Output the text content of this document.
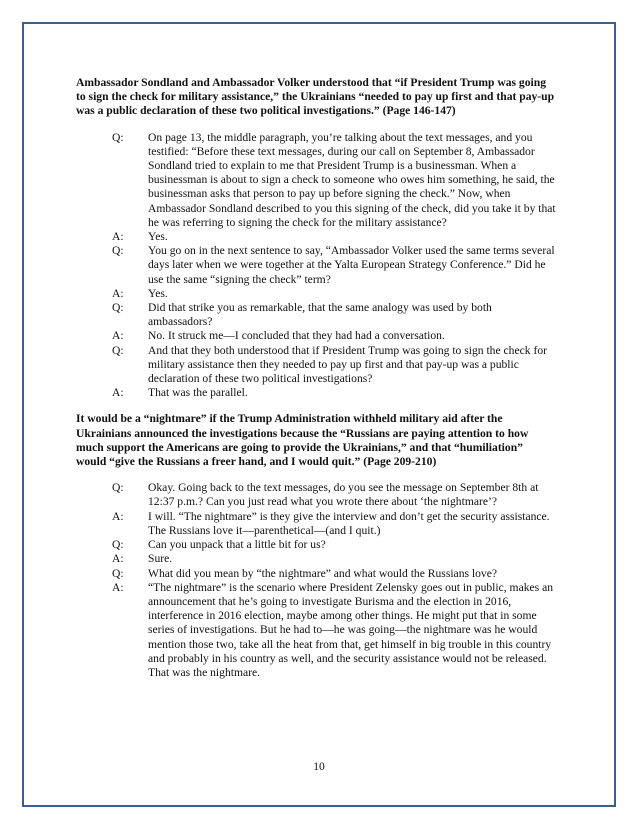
Ambassador Sondland and Ambassador Volker understood that “if President Trump was going to sign the check for military assistance,” the Ukrainians “needed to pay up first and that pay-up was a public declaration of these two political investigations.” (Page 146-147)

Q:	On page 13, the middle paragraph, you’re talking about the text messages, and you testified: “Before these text messages, during our call on September 8, Ambassador Sondland tried to explain to me that President Trump is a businessman. When a businessman is about to sign a check to someone who owes him something, he said, the businessman asks that person to pay up before signing the check.” Now, when Ambassador Sondland described to you this signing of the check, did you take it by that he was referring to signing the check for the military assistance?
A:	Yes.
Q:	You go on in the next sentence to say, “Ambassador Volker used the same terms several days later when we were together at the Yalta European Strategy Conference.” Did he use the same “signing the check” term?
A:	Yes.
Q:	Did that strike you as remarkable, that the same analogy was used by both ambassadors?
A:	No. It struck me—I concluded that they had had a conversation.
Q:	And that they both understood that if President Trump was going to sign the check for military assistance then they needed to pay up first and that pay-up was a public declaration of these two political investigations?
A:	That was the parallel.

It would be a “nightmare” if the Trump Administration withheld military aid after the Ukrainians announced the investigations because the “Russians are paying attention to how much support the Americans are going to provide the Ukrainians,” and that “humiliation” would “give the Russians a freer hand, and I would quit.” (Page 209-210)

Q:	Okay. Going back to the text messages, do you see the message on September 8th at 12:37 p.m.? Can you just read what you wrote there about ‘the nightmare’?
A:	I will. “The nightmare” is they give the interview and don’t get the security assistance. The Russians love it—parenthetical—(and I quit.)
Q:	Can you unpack that a little bit for us?
A:	Sure.
Q:	What did you mean by “the nightmare” and what would the Russians love?
A:	“The nightmare” is the scenario where President Zelensky goes out in public, makes an announcement that he’s going to investigate Burisma and the election in 2016, interference in 2016 election, maybe among other things. He might put that in some series of investigations. But he had to—he was going—the nightmare was he would mention those two, take all the heat from that, get himself in big trouble in this country and probably in his country as well, and the security assistance would not be released. That was the nightmare.
10
